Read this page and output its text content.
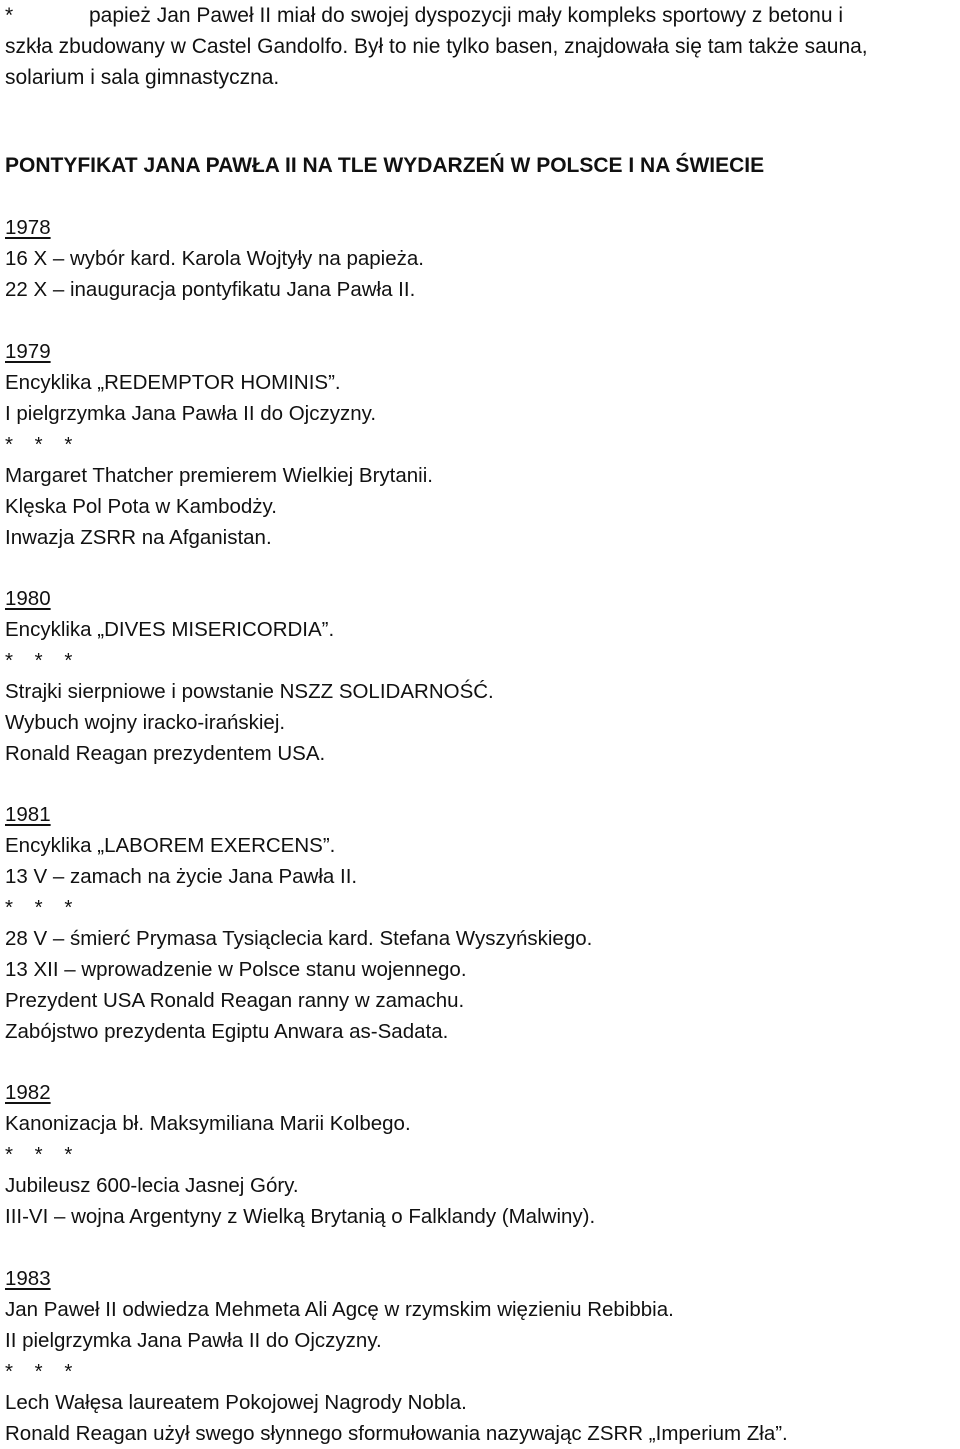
*	papież Jan Paweł II miał do swojej dyspozycji mały kompleks sportowy z betonu i
szkła zbudowany w Castel Gandolfo. Był to nie tylko basen, znajdowała się tam także sauna,
solarium i sala gimnastyczna.
PONTYFIKAT JANA PAWŁA II NA TLE WYDARZEŃ W POLSCE I NA ŚWIECIE
1978
16 X – wybór kard. Karola Wojtyły na papieża.
22 X – inauguracja pontyfikatu Jana Pawła II.
1979
Encyklika „REDEMPTOR HOMINIS”.
I pielgrzymka Jana Pawła II do Ojczyzny.
* * *
Margaret Thatcher premierem Wielkiej Brytanii.
Klęska Pol Pota w Kambodży.
Inwazja ZSRR na Afganistan.
1980
Encyklika „DIVES MISERICORDIA”.
* * *
Strajki sierpniowe i powstanie NSZZ SOLIDARNOŚĆ.
Wybuch wojny iracko-irańskiej.
Ronald Reagan prezydentem USA.
1981
Encyklika „LABOREM EXERCENS”.
13 V – zamach na życie Jana Pawła II.
* * *
28 V – śmierć Prymasa Tysiąclecia kard. Stefana Wyszyńskiego.
13 XII – wprowadzenie w Polsce stanu wojennego.
Prezydent USA Ronald Reagan ranny w zamachu.
Zabójstwo prezydenta Egiptu Anwara as-Sadata.
1982
Kanonizacja bł. Maksymiliana Marii Kolbego.
* * *
Jubileusz 600-lecia Jasnej Góry.
III-VI – wojna Argentyny z Wielką Brytanią o Falklandy (Malwiny).
1983
Jan Paweł II odwiedza Mehmeta Ali Agcę w rzymskim więzieniu Rebibbia.
II pielgrzymka Jana Pawła II do Ojczyzny.
* * *
Lech Wałęsa laureatem Pokojowej Nagrody Nobla.
Ronald Reagan użył swego słynnego sformułowania nazywając ZSRR „Imperium Zła”.
